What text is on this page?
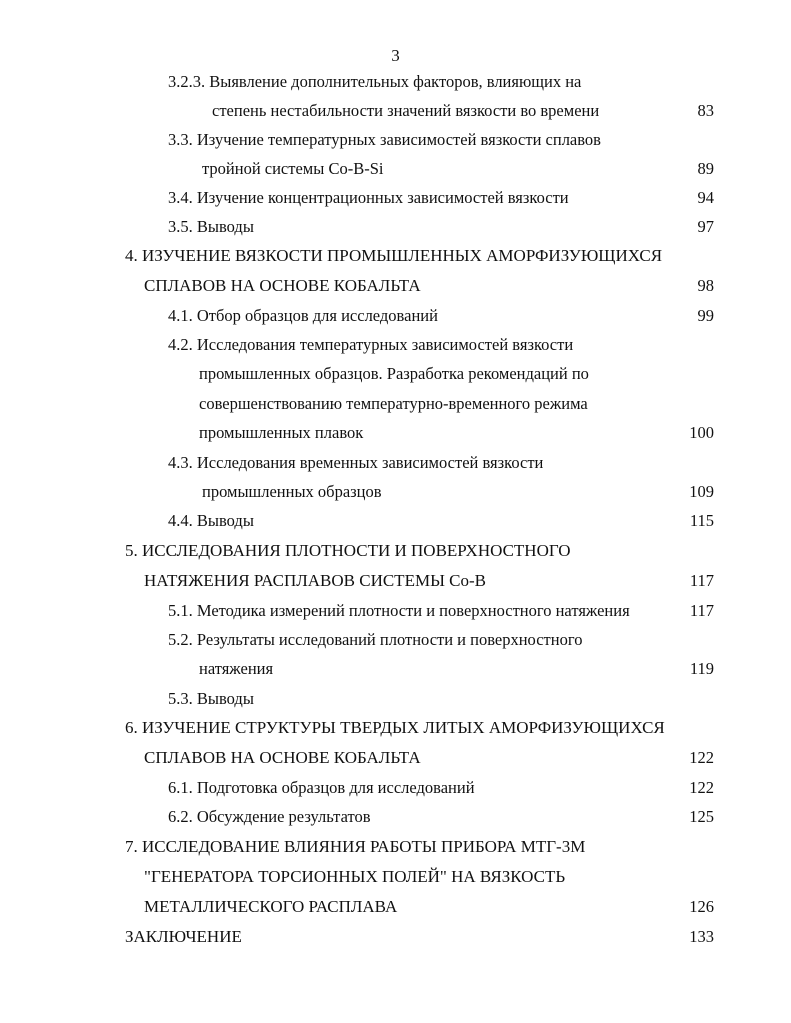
3
3.2.3. Выявление дополнительных факторов, влияющих на
степень нестабильности значений вязкости во времени	83
3.3. Изучение температурных зависимостей вязкости сплавов
тройной системы Co-B-Si	89
3.4. Изучение концентрационных зависимостей вязкости	94
3.5. Выводы	97
4. ИЗУЧЕНИЕ ВЯЗКОСТИ ПРОМЫШЛЕННЫХ АМОРФИЗУЮЩИХСЯ
СПЛАВОВ НА ОСНОВЕ КОБАЛЬТА	98
4.1. Отбор образцов для исследований	99
4.2. Исследования температурных зависимостей вязкости
промышленных образцов. Разработка рекомендаций по
совершенствованию температурно-временного режима
промышленных плавок	100
4.3. Исследования временных зависимостей вязкости
промышленных образцов	109
4.4. Выводы	115
5. ИССЛЕДОВАНИЯ ПЛОТНОСТИ И ПОВЕРХНОСТНОГО
НАТЯЖЕНИЯ РАСПЛАВОВ СИСТЕМЫ Co-B	117
5.1. Методика измерений плотности и поверхностного натяжения	117
5.2. Результаты исследований плотности и поверхностного
натяжения	119
5.3. Выводы
6. ИЗУЧЕНИЕ СТРУКТУРЫ ТВЕРДЫХ ЛИТЫХ АМОРФИЗУЮЩИХСЯ
СПЛАВОВ НА ОСНОВЕ КОБАЛЬТА	122
6.1. Подготовка образцов для исследований	122
6.2. Обсуждение результатов	125
7. ИССЛЕДОВАНИЕ ВЛИЯНИЯ РАБОТЫ ПРИБОРА МТГ-3М
"ГЕНЕРАТОРА ТОРСИОННЫХ ПОЛЕЙ" НА ВЯЗКОСТЬ
МЕТАЛЛИЧЕСКОГО РАСПЛАВА	126
ЗАКЛЮЧЕНИЕ	133
